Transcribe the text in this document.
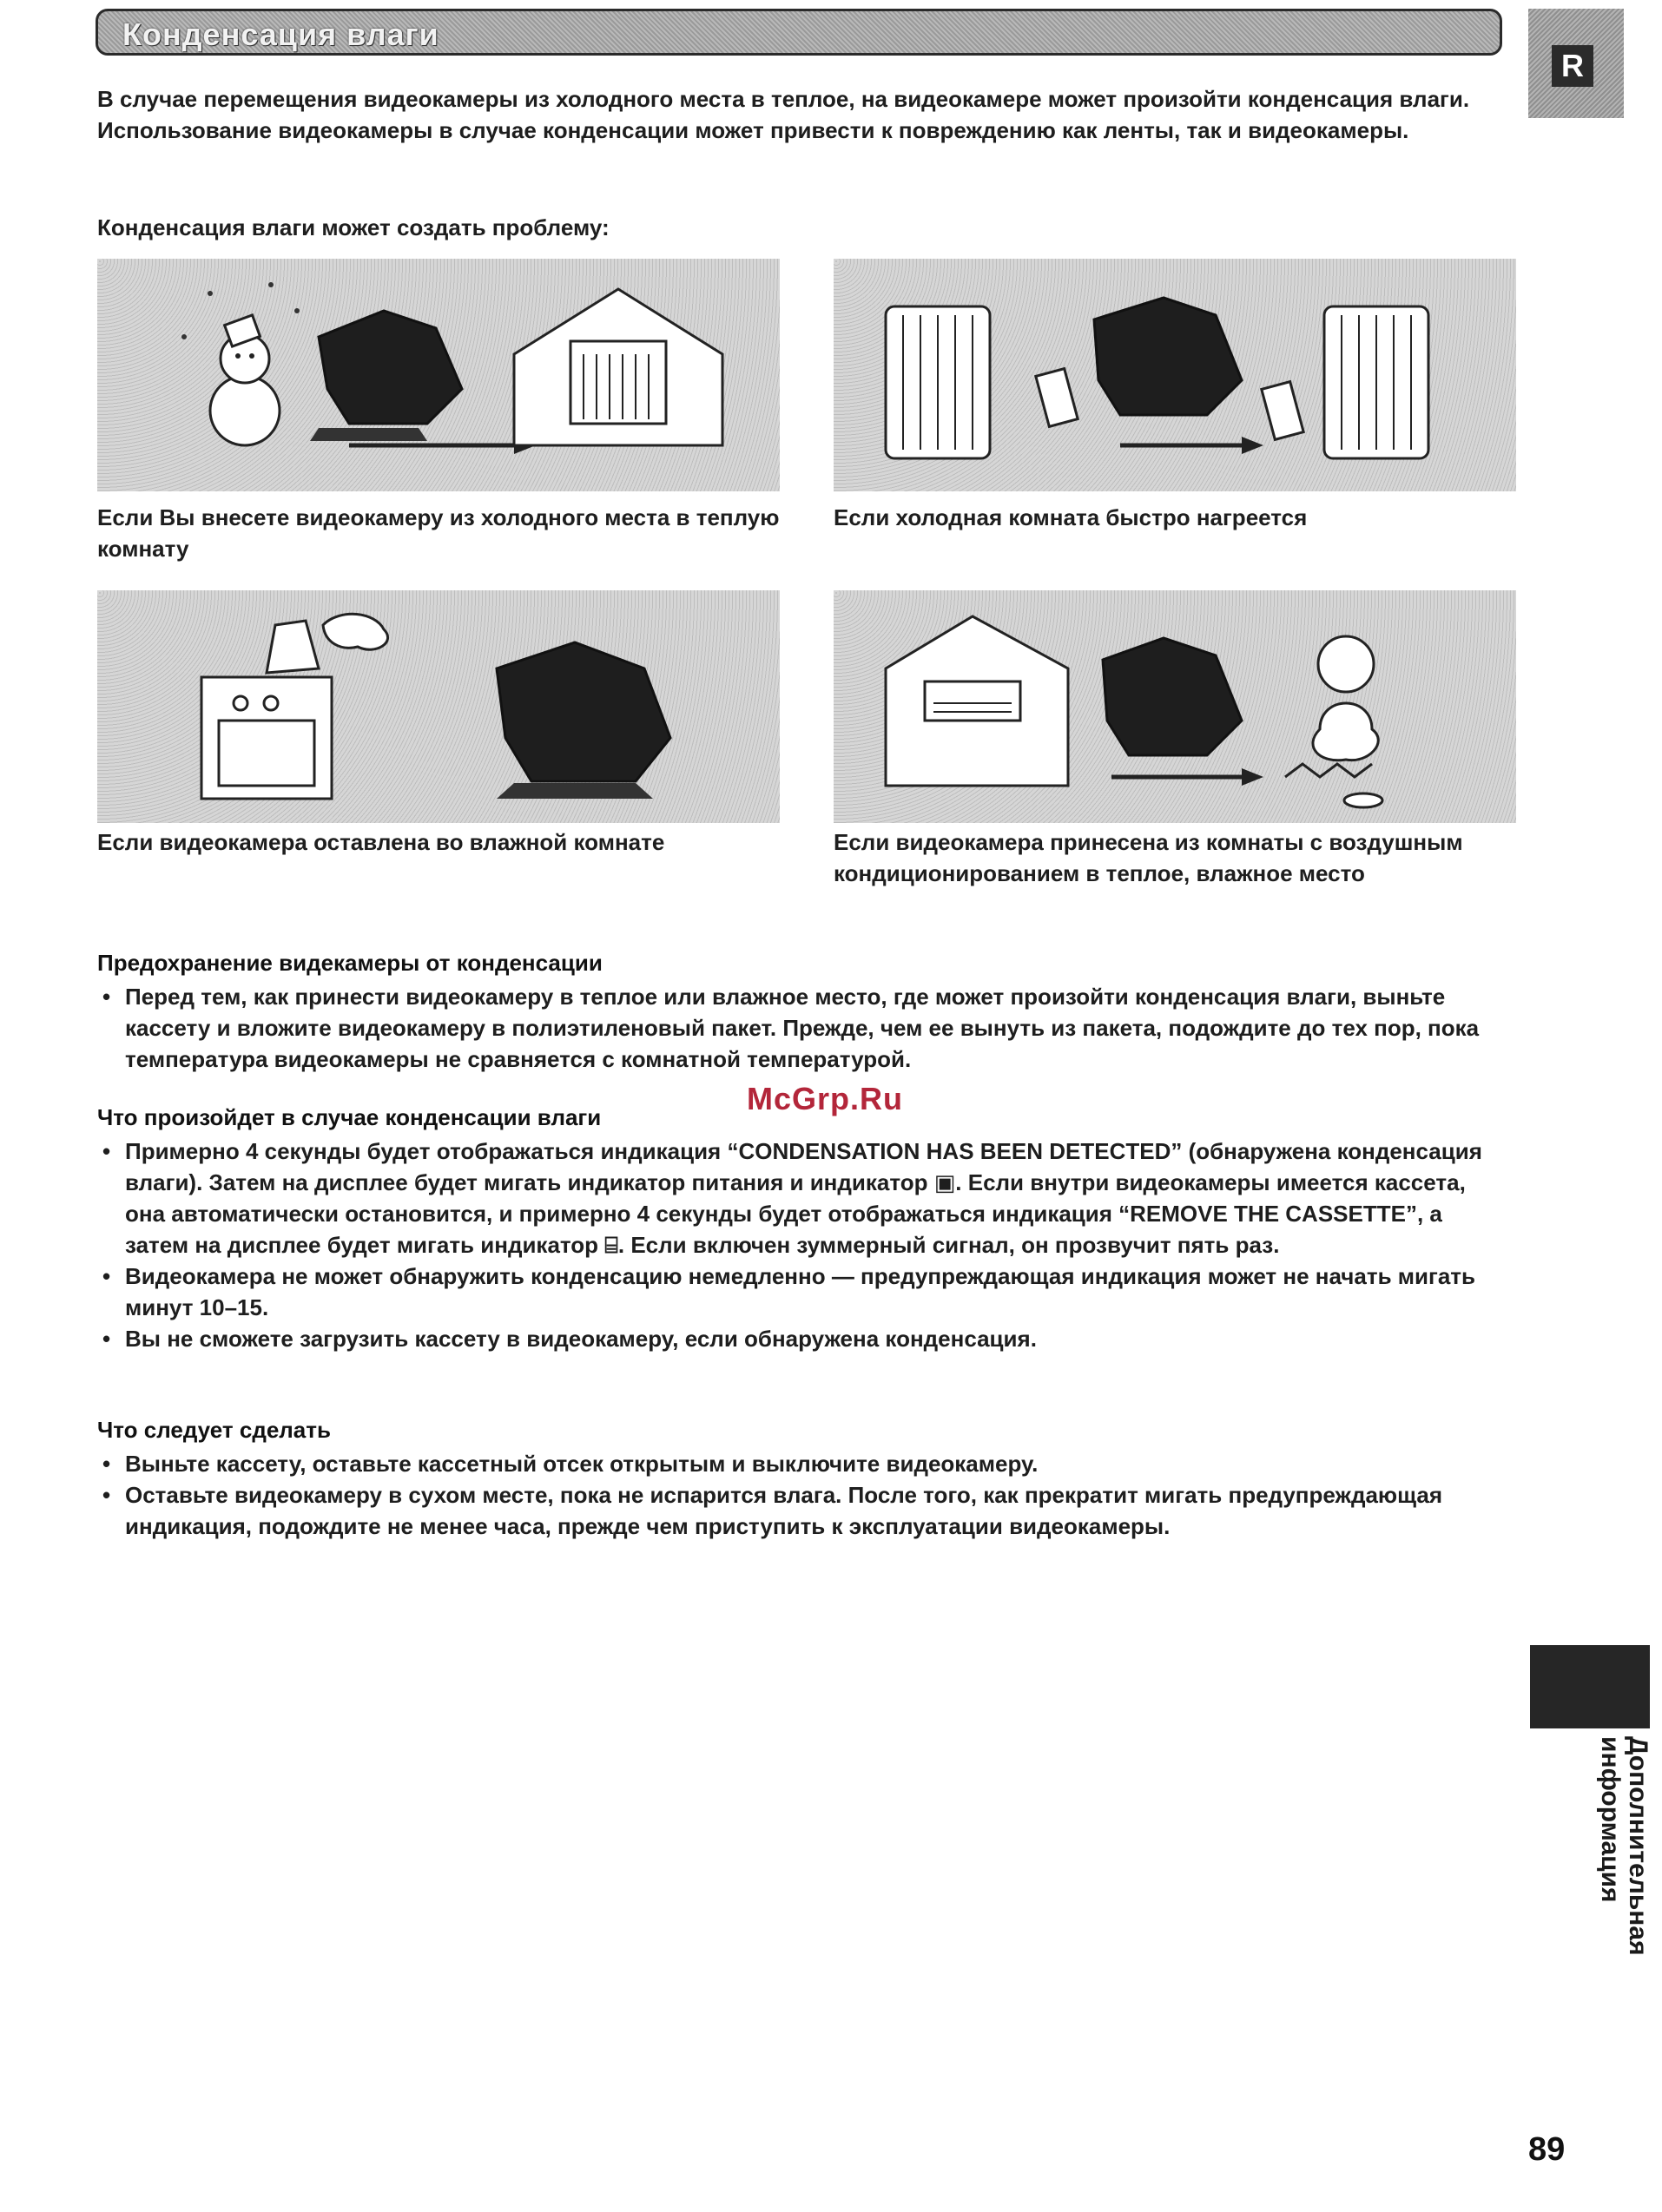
Конденсация влаги
R
В случае перемещения видеокамеры из холодного места в теплое, на видеокамере может произойти конденсация влаги. Использование видеокамеры в случае конденсации может привести к повреждению как ленты, так и видеокамеры.
Конденсация влаги может создать проблему:
Если Вы внесете видеокамеру из холодного места в теплую комнату
Если холодная комната быстро нагреется
Если видеокамера оставлена во влажной комнате	Если видеокамера принесена из комнаты с воздушным кондиционированием в теплое, влажное место
Предохранение видекамеры от конденсации
• Перед тем, как принести видеокамеру в теплое или влажное место, где может произойти конденсация влаги, выньте кассету и вложите видеокамеру в полиэтиленовый пакет. Прежде, чем ее вынуть из пакета, подождите до тех пор, пока температура видеокамеры не сравняется с комнатной температурой.
McGrp.Ru
Что произойдет в случае конденсации влаги
• Примерно 4 секунды будет отображаться индикация “CONDENSATION HAS BEEN DETECTED” (обнаружена конденсация влаги). Затем на дисплее будет мигать индикатор питания и индикатор ▣. Если внутри видеокамеры имеется кассета, она автоматически остановится, и примерно 4 секунды будет отображаться индикация “REMOVE THE CASSETTE”, а затем на дисплее будет мигать индикатор ⌸. Если включен зуммерный сигнал, он прозвучит пять раз.
• Видеокамера не может обнаружить конденсацию немедленно — предупреждающая индикация может не начать мигать минут 10–15.
• Вы не сможете загрузить кассету в видеокамеру, если обнаружена конденсация.
Что следует сделать
• Выньте кассету, оставьте кассетный отсек открытым и выключите видеокамеру.
• Оставьте видеокамеру в сухом месте, пока не испарится влага. После того, как прекратит мигать предупреждающая индикация, подождите не менее часа, прежде чем приступить к эксплуатации видеокамеры.
Дополнительная информация
89
